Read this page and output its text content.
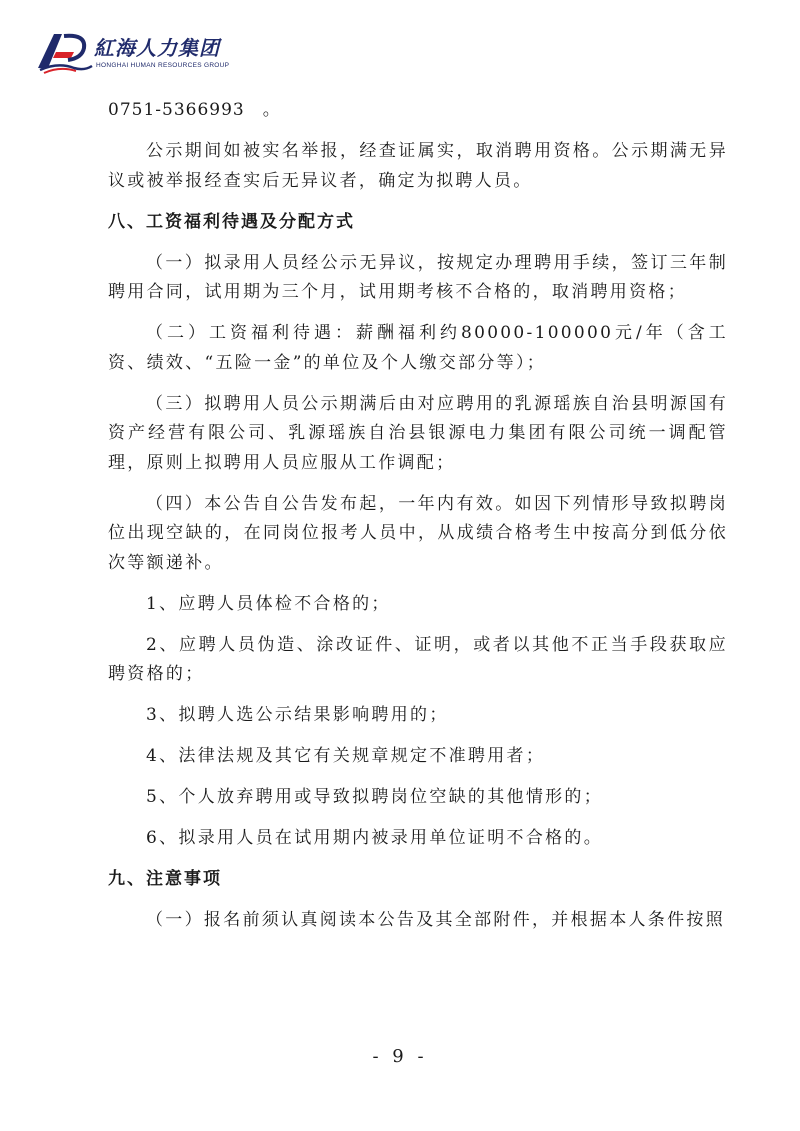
紅海人力集团
HONGHAI HUMAN RESOURCES GROUP
0751-5366993　。
公示期间如被实名举报，经查证属实，取消聘用资格。公示期满无异议或被举报经查实后无异议者，确定为拟聘人员。
八、工资福利待遇及分配方式
（一）拟录用人员经公示无异议，按规定办理聘用手续，签订三年制聘用合同，试用期为三个月，试用期考核不合格的，取消聘用资格；
（二）工资福利待遇：薪酬福利约80000-100000元/年（含工资、绩效、“五险一金”的单位及个人缴交部分等）；
（三）拟聘用人员公示期满后由对应聘用的乳源瑶族自治县明源国有资产经营有限公司、乳源瑶族自治县银源电力集团有限公司统一调配管理，原则上拟聘用人员应服从工作调配；
（四）本公告自公告发布起，一年内有效。如因下列情形导致拟聘岗位出现空缺的，在同岗位报考人员中，从成绩合格考生中按高分到低分依次等额递补。
1、应聘人员体检不合格的；
2、应聘人员伪造、涂改证件、证明，或者以其他不正当手段获取应聘资格的；
3、拟聘人选公示结果影响聘用的；
4、法律法规及其它有关规章规定不准聘用者；
5、个人放弃聘用或导致拟聘岗位空缺的其他情形的；
6、拟录用人员在试用期内被录用单位证明不合格的。
九、注意事项
（一）报名前须认真阅读本公告及其全部附件，并根据本人条件按照
- 9 -
